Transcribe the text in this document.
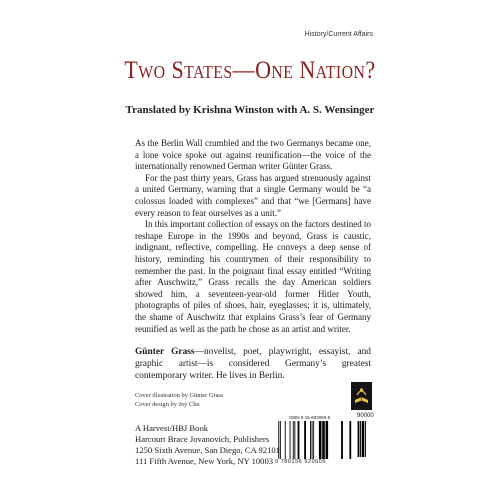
History/Current Affairs
Two States—One Nation?
Translated by Krishna Winston with A. S. Wensinger

As the Berlin Wall crumbled and the two Germanys became one, a lone voice spoke out against reunification—the voice of the internationally renowned German writer Günter Grass.

For the past thirty years, Grass has argued strenuously against a united Germany, warning that a single Germany would be “a colossus loaded with complexes” and that “we [Germans] have every reason to fear ourselves as a unit.”

In this important collection of essays on the factors destined to reshape Europe in the 1990s and beyond, Grass is caustic, indignant, reflective, compelling. He conveys a deep sense of history, reminding his countrymen of their responsibility to remember the past. In the poignant final essay entitled “Writing after Auschwitz,” Grass recalls the day American soldiers showed him, a seventeen-year-old former Hitler Youth, photographs of piles of shoes, hair, eyeglasses; it is, ultimately, the shame of Auschwitz that explains Grass’s fear of Germany reunified as well as the path he chose as an artist and writer.

Günter Grass—novelist, poet, playwright, essayist, and graphic artist—is considered Germany’s greatest contemporary writer. He lives in Berlin.
Cover illustration by Günter Grass
Cover design by Joy Chu
A Harvest/HBJ Book
Harcourt Brace Jovanovich, Publishers
1250 Sixth Avenue, San Diego, CA 92101
111 Fifth Avenue, New York, NY 10003
ISBN 0-15-692060-5	90000
9 780156 920605
